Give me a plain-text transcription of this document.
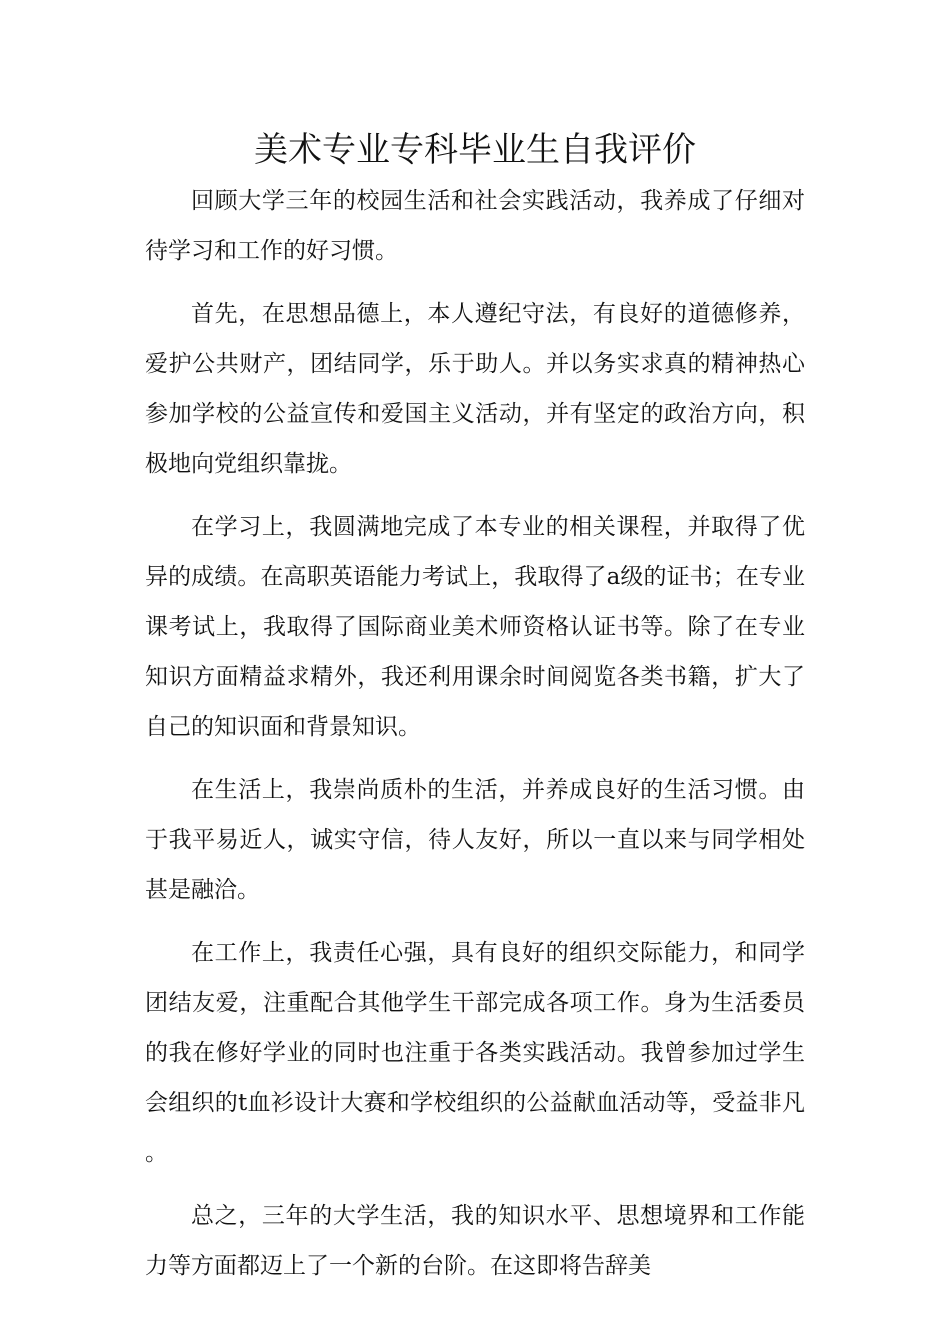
美术专业专科毕业生自我评价

回顾大学三年的校园生活和社会实践活动，我养成了仔细对待学习和工作的好习惯。

首先，在思想品德上，本人遵纪守法，有良好的道德修养，爱护公共财产，团结同学，乐于助人。并以务实求真的精神热心参加学校的公益宣传和爱国主义活动，并有坚定的政治方向，积极地向党组织靠拢。

在学习上，我圆满地完成了本专业的相关课程，并取得了优异的成绩。在高职英语能力考试上，我取得了a级的证书；在专业课考试上，我取得了国际商业美术师资格认证书等。除了在专业知识方面精益求精外，我还利用课余时间阅览各类书籍，扩大了自己的知识面和背景知识。

在生活上，我崇尚质朴的生活，并养成良好的生活习惯。由于我平易近人，诚实守信，待人友好，所以一直以来与同学相处甚是融洽。

在工作上，我责任心强，具有良好的组织交际能力，和同学团结友爱，注重配合其他学生干部完成各项工作。身为生活委员的我在修好学业的同时也注重于各类实践活动。我曾参加过学生会组织的t血衫设计大赛和学校组织的公益献血活动等，受益非凡。

总之，三年的大学生活，我的知识水平、思想境界和工作能力等方面都迈上了一个新的台阶。在这即将告辞美
